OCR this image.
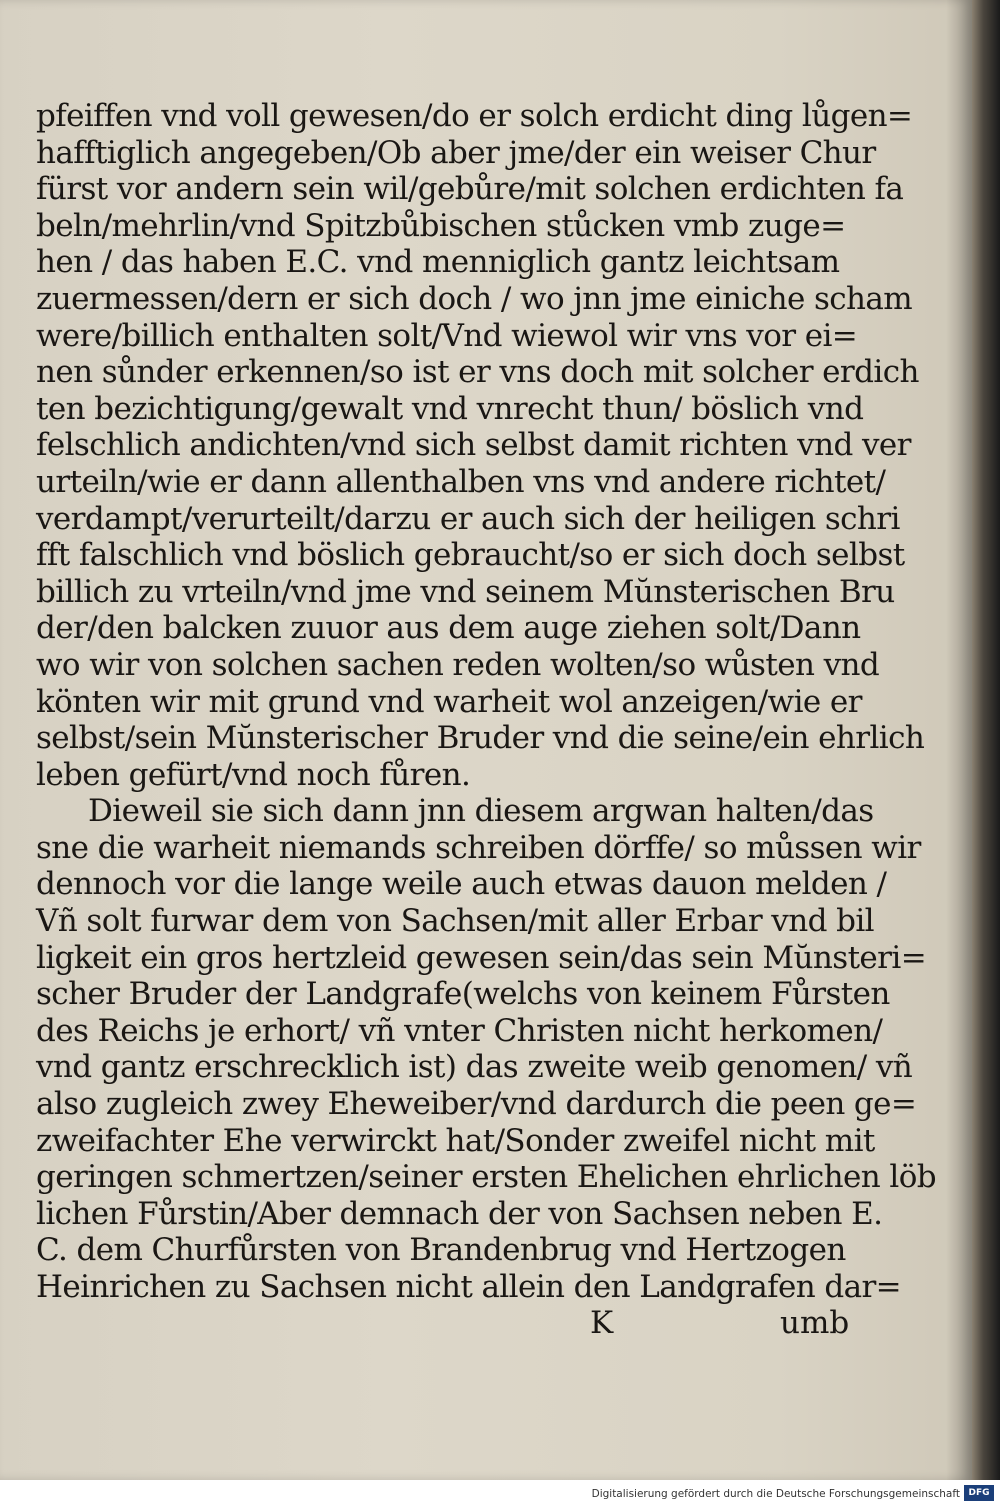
pfeiffen vnd voll gewesen/do er solch erdicht ding lůgen=
hafftiglich angegeben/Ob aber jme/der ein weiser Chur
fürst vor andern sein wil/gebůre/mit solchen erdichten fa
beln/mehrlin/vnd Spitzbůbischen stůcken vmb zuge=
hen / das haben E.C. vnd menniglich gantz leichtsam
zuermessen/dern er sich doch / wo jnn jme einiche scham
were/billich enthalten solt/Vnd wiewol wir vns vor ei=
nen sůnder erkennen/so ist er vns doch mit solcher erdich
ten bezichtigung/gewalt vnd vnrecht thun/ böslich vnd
felschlich andichten/vnd sich selbst damit richten vnd ver
urteiln/wie er dann allenthalben vns vnd andere richtet/
verdampt/verurteilt/darzu er auch sich der heiligen schri
fft falschlich vnd böslich gebraucht/so er sich doch selbst
billich zu vrteiln/vnd jme vnd seinem Mŭnsterischen Bru
der/den balcken zuuor aus dem auge ziehen solt/Dann
wo wir von solchen sachen reden wolten/so wůsten vnd
könten wir mit grund vnd warheit wol anzeigen/wie er
selbst/sein Mŭnsterischer Bruder vnd die seine/ein ehrlich
leben gefürt/vnd noch fůren.
Dieweil sie sich dann jnn diesem argwan halten/das
sne die warheit niemands schreiben dörffe/ so můssen wir
dennoch vor die lange weile auch etwas dauon melden /
Vñ solt furwar dem von Sachsen/mit aller Erbar vnd bil
ligkeit ein gros hertzleid gewesen sein/das sein Mŭnsteri=
scher Bruder der Landgrafe(welchs von keinem Fůrsten
des Reichs je erhort/ vñ vnter Christen nicht herkomen/
vnd gantz erschrecklich ist) das zweite weib genomen/ vñ
also zugleich zwey Eheweiber/vnd dardurch die peen ge=
zweifachter Ehe verwirckt hat/Sonder zweifel nicht mit
geringen schmertzen/seiner ersten Ehelichen ehrlichen löb
lichen Fůrstin/Aber demnach der von Sachsen neben E.
C. dem Churfůrsten von Brandenbrug vnd Hertzogen
Heinrichen zu Sachsen nicht allein den Landgrafen dar=
K	umb
Digitalisierung gefördert durch die Deutsche Forschungsgemeinschaft DFG
